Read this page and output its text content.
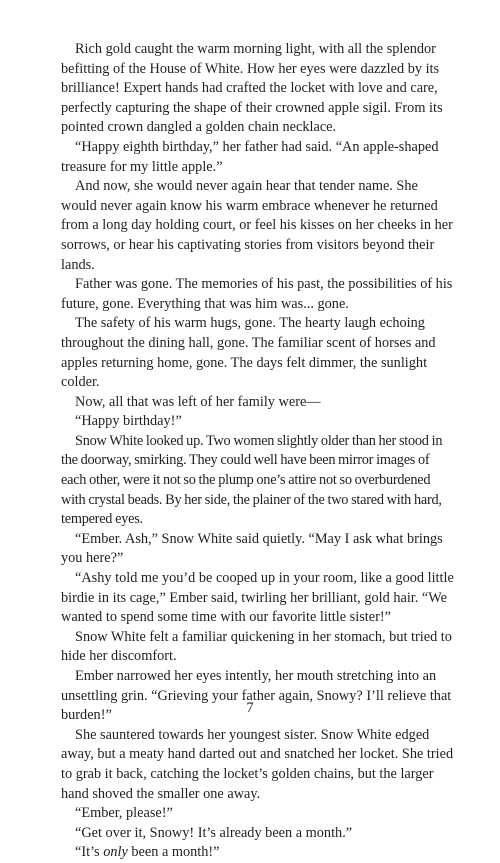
Rich gold caught the warm morning light, with all the splendor befitting of the House of White. How her eyes were dazzled by its brilliance! Expert hands had crafted the locket with love and care, perfectly capturing the shape of their crowned apple sigil. From its pointed crown dangled a golden chain necklace.

“Happy eighth birthday,” her father had said. “An apple-shaped treasure for my little apple.”

And now, she would never again hear that tender name. She would never again know his warm embrace whenever he returned from a long day holding court, or feel his kisses on her cheeks in her sorrows, or hear his captivating stories from visitors beyond their lands.

Father was gone. The memories of his past, the possibilities of his future, gone. Everything that was him was... gone.

The safety of his warm hugs, gone. The hearty laugh echoing throughout the dining hall, gone. The familiar scent of horses and apples returning home, gone. The days felt dimmer, the sunlight colder.

Now, all that was left of her family were—

“Happy birthday!”

Snow White looked up. Two women slightly older than her stood in the doorway, smirking. They could well have been mirror images of each other, were it not so the plump one’s attire not so overburdened with crystal beads. By her side, the plainer of the two stared with hard, tempered eyes.

“Ember. Ash,” Snow White said quietly. “May I ask what brings you here?”

“Ashy told me you’d be cooped up in your room, like a good little birdie in its cage,” Ember said, twirling her brilliant, gold hair. “We wanted to spend some time with our favorite little sister!”

Snow White felt a familiar quickening in her stomach, but tried to hide her discomfort.

Ember narrowed her eyes intently, her mouth stretching into an unsettling grin. “Grieving your father again, Snowy? I’ll relieve that burden!”

She sauntered towards her youngest sister. Snow White edged away, but a meaty hand darted out and snatched her locket. She tried to grab it back, catching the locket’s golden chains, but the larger hand shoved the smaller one away.

“Ember, please!”

“Get over it, Snowy! It’s already been a month.”

“It’s only been a month!”

7
